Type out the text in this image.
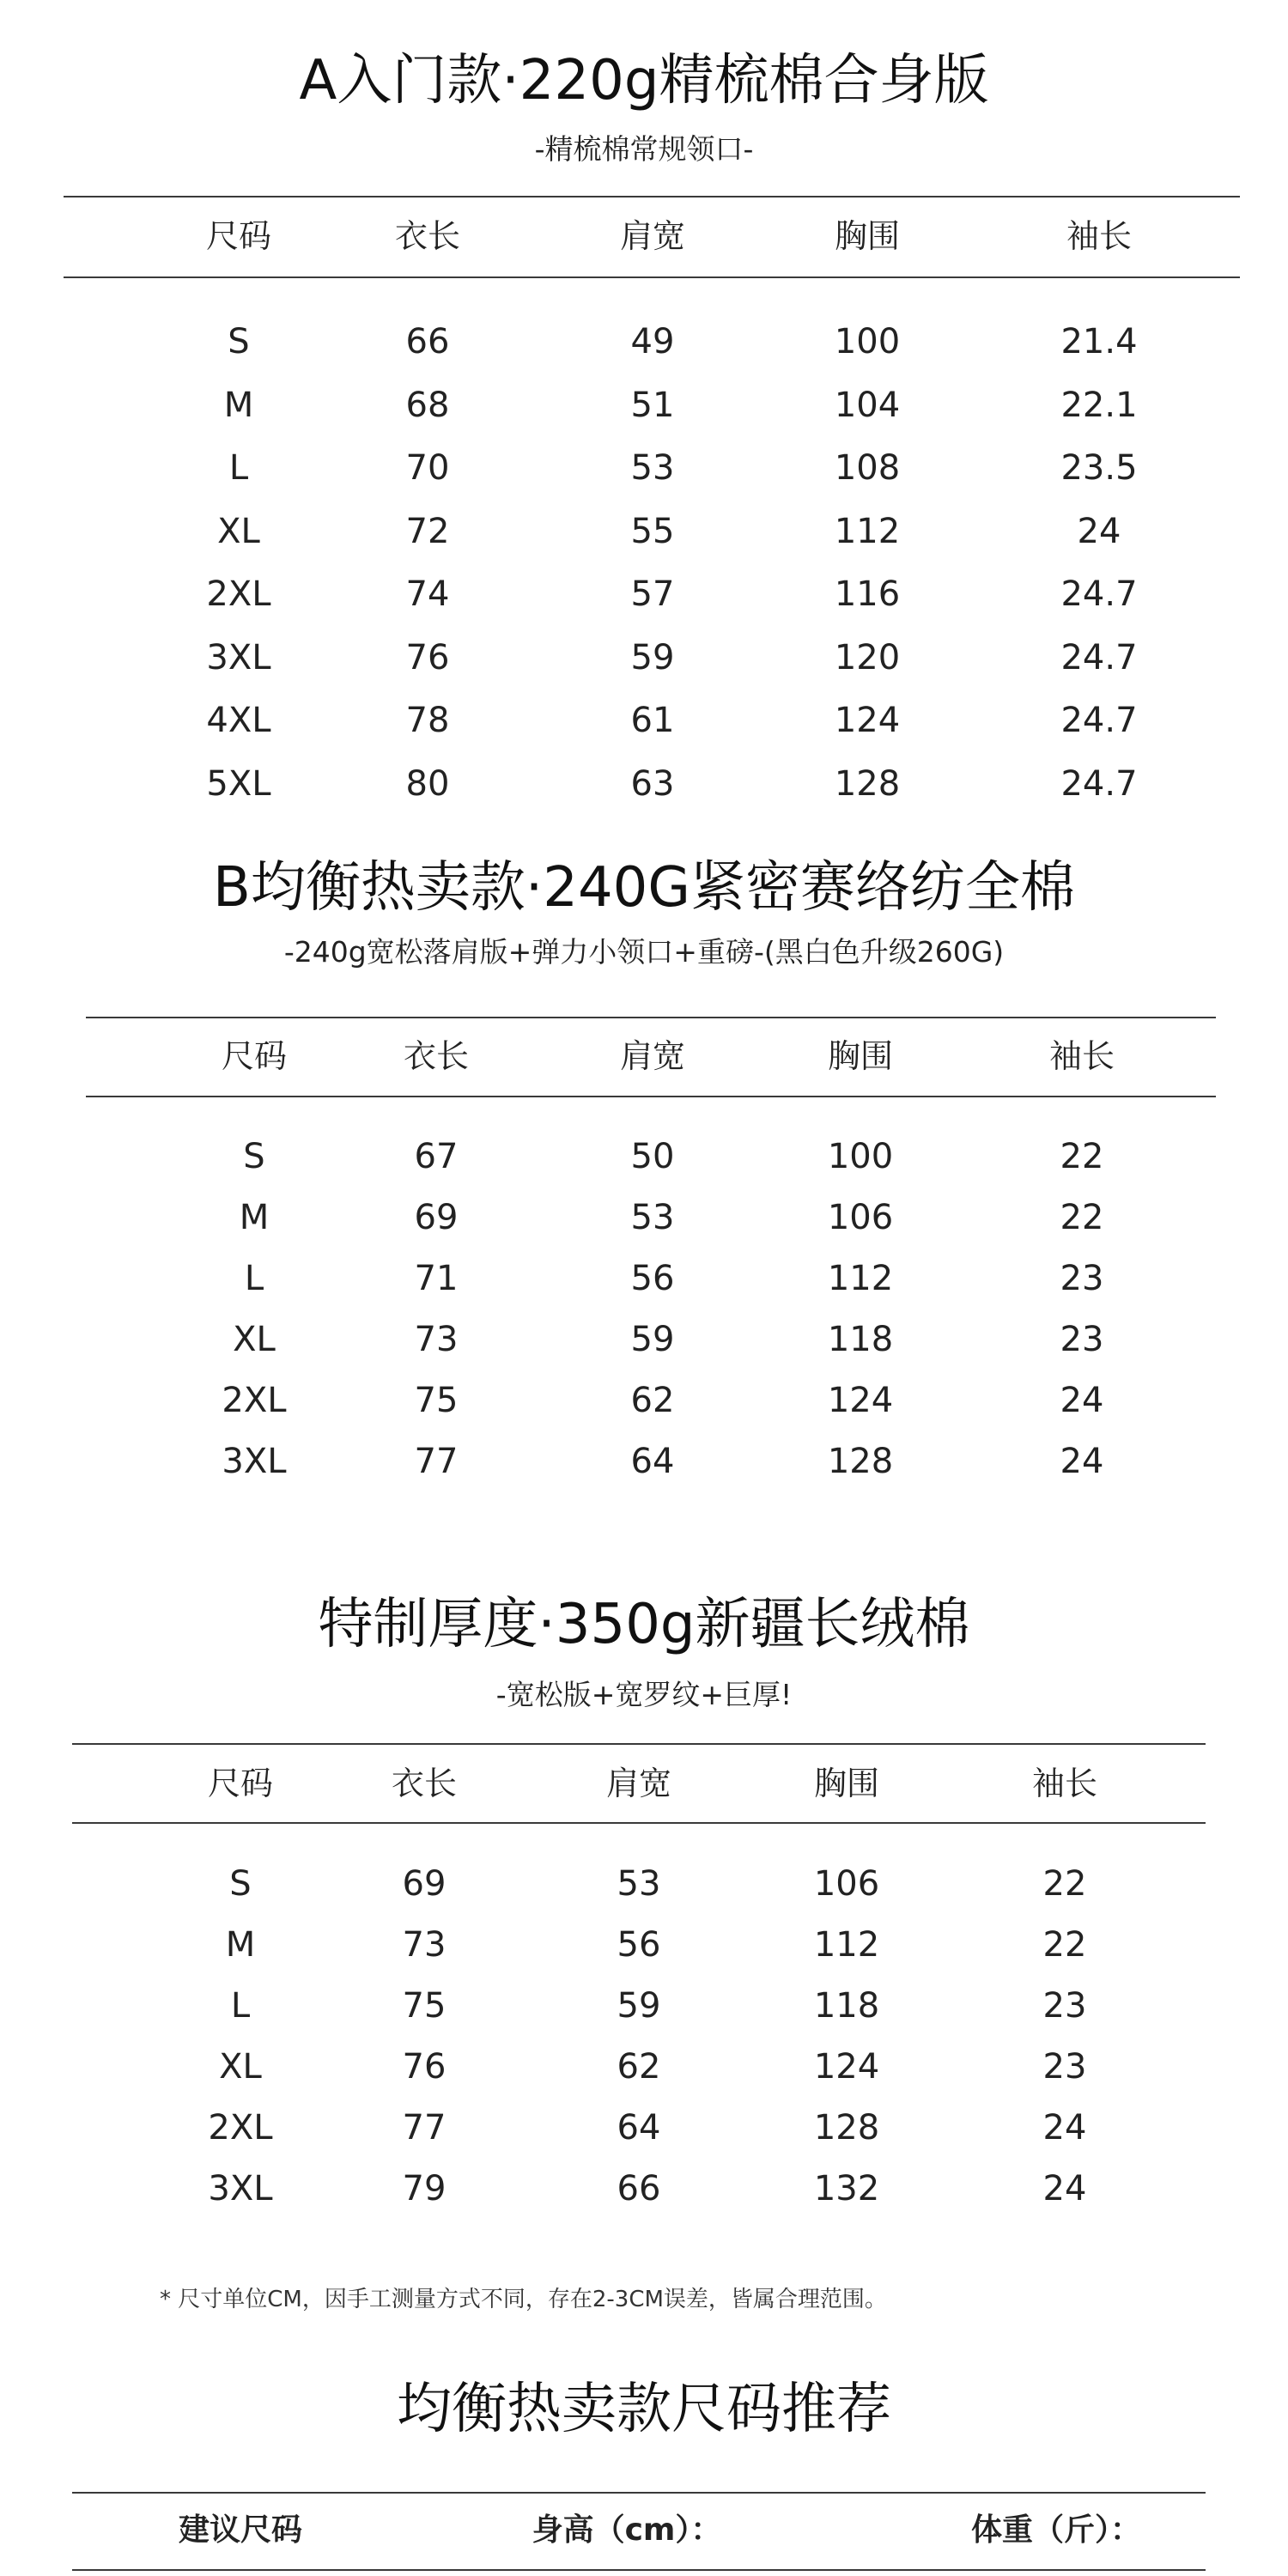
A入门款·220g精梳棉合身版
-精梳棉常规领口-
尺码	衣长	肩宽	胸围	袖长
S	66	49	100	21.4
M	68	51	104	22.1
L	70	53	108	23.5
XL	72	55	112	24
2XL	74	57	116	24.7
3XL	76	59	120	24.7
4XL	78	61	124	24.7
5XL	80	63	128	24.7
B均衡热卖款·240G紧密赛络纺全棉
-240g宽松落肩版+弹力小领口+重磅-(黑白色升级260G)
尺码	衣长	肩宽	胸围	袖长
S	67	50	100	22
M	69	53	106	22
L	71	56	112	23
XL	73	59	118	23
2XL	75	62	124	24
3XL	77	64	128	24
特制厚度·350g新疆长绒棉
-宽松版+宽罗纹+巨厚!
尺码	衣长	肩宽	胸围	袖长
S	69	53	106	22
M	73	56	112	22
L	75	59	118	23
XL	76	62	124	23
2XL	77	64	128	24
3XL	79	66	132	24
* 尺寸单位CM，因手工测量方式不同，存在2-3CM误差，皆属合理范围。
均衡热卖款尺码推荐
建议尺码	身高（cm）：	体重（斤）：
